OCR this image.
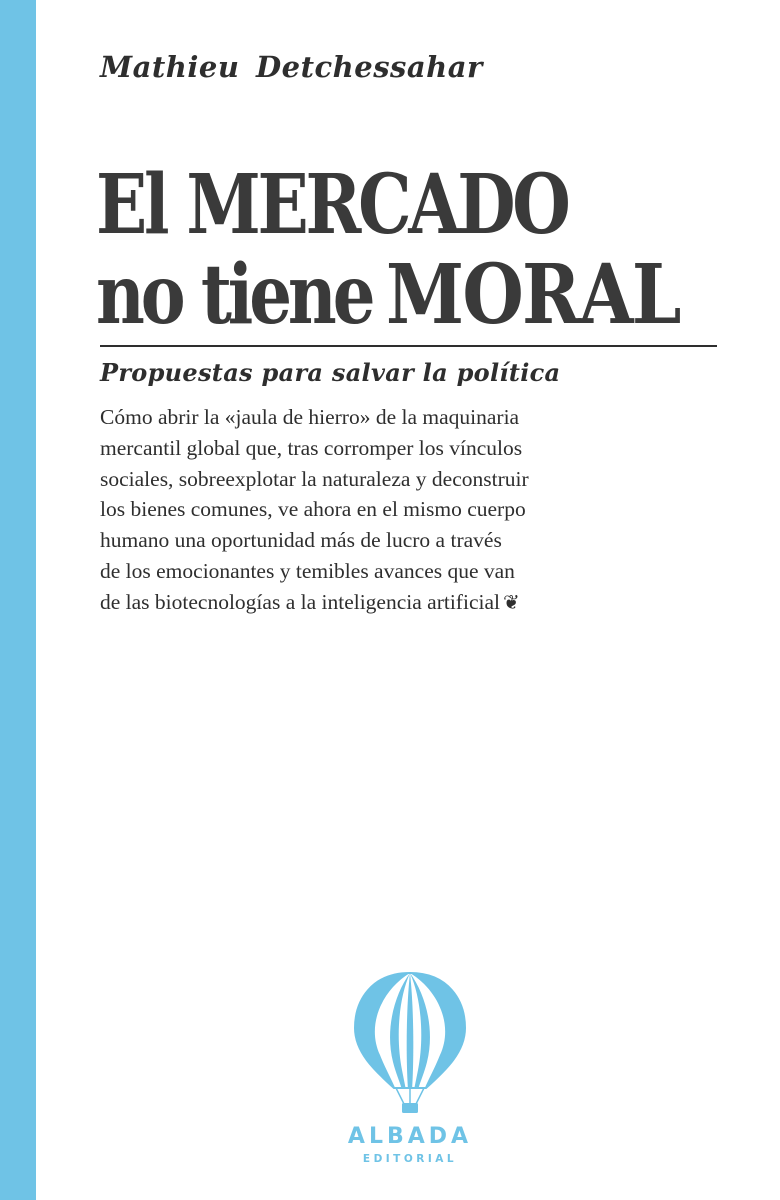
Mathieu Detchessahar
El MERCADO
no tiene MORAL
Propuestas para salvar la política
Cómo abrir la «jaula de hierro» de la maquinaria
mercantil global que, tras corromper los vínculos
sociales, sobreexplotar la naturaleza y deconstruir
los bienes comunes, ve ahora en el mismo cuerpo
humano una oportunidad más de lucro a través
de los emocionantes y temibles avances que van
de las biotecnologías a la inteligencia artificial ❦
ALBADA
EDITORIAL
